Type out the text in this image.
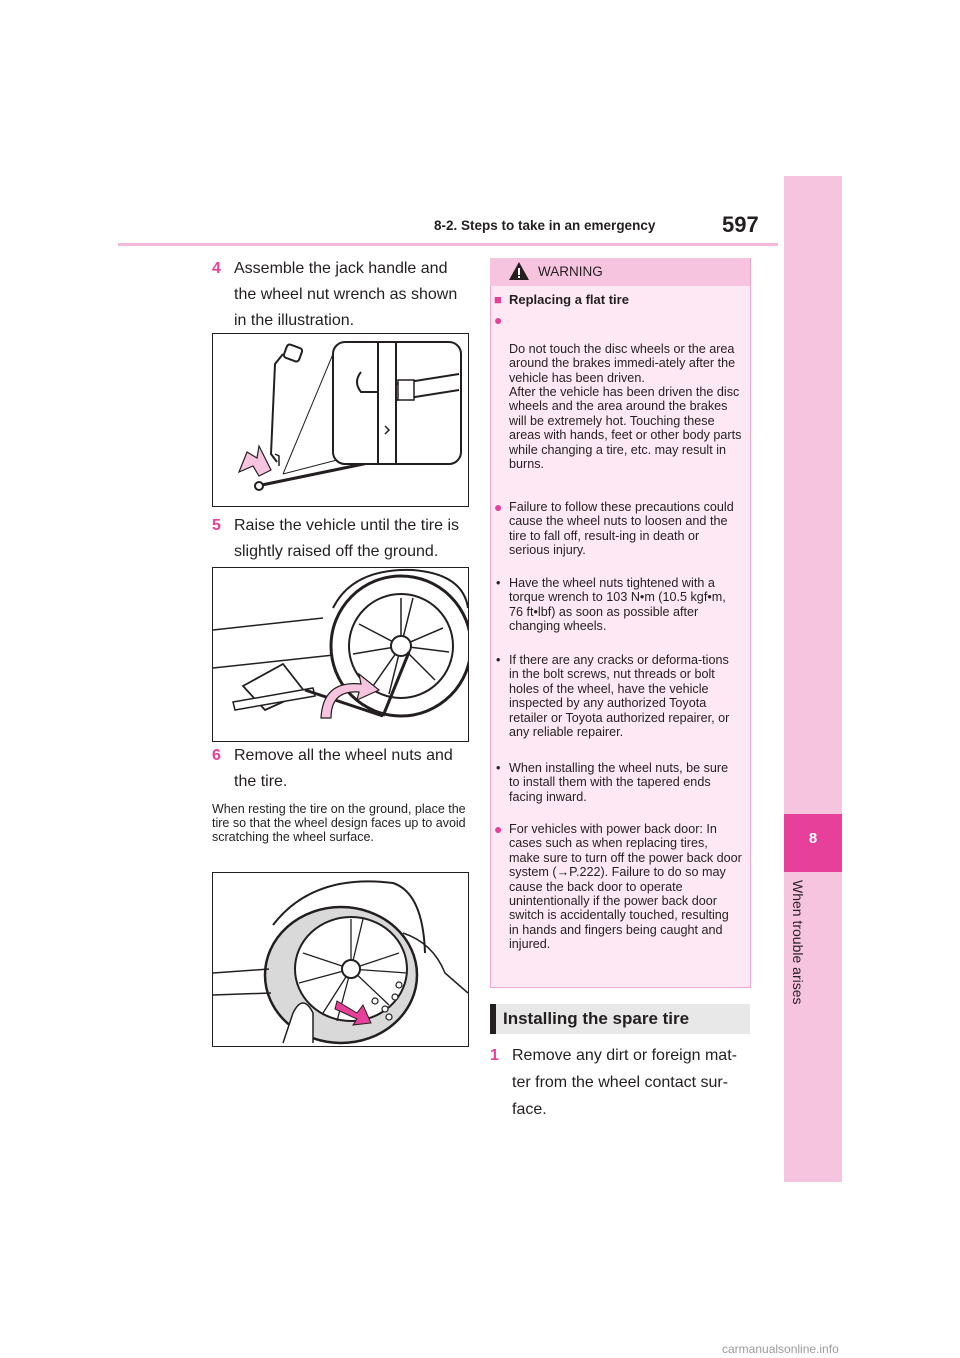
8-2. Steps to take in an emergency	597
8
When trouble arises
4 Assemble the jack handle and the wheel nut wrench as shown in the illustration.
5 Raise the vehicle until the tire is slightly raised off the ground.
6 Remove all the wheel nuts and the tire.
When resting the tire on the ground, place the tire so that the wheel design faces up to avoid scratching the wheel surface.
WARNING
■ Replacing a flat tire

●

Do not touch the disc wheels or the area around the brakes immedi-ately after the vehicle has been driven.
After the vehicle has been driven the disc wheels and the area around the brakes will be extremely hot. Touching these areas with hands, feet or other body parts while changing a tire, etc. may result in burns.

● Failure to follow these precautions could cause the wheel nuts to loosen and the tire to fall off, result-ing in death or serious injury.
• Have the wheel nuts tightened with a torque wrench to 103 N•m (10.5 kgf•m, 76 ft•lbf) as soon as possible after changing wheels.
• If there are any cracks or deforma-tions in the bolt screws, nut threads or bolt holes of the wheel, have the vehicle inspected by any authorized Toyota retailer or Toyota authorized repairer, or any reliable repairer.
• When installing the wheel nuts, be sure to install them with the tapered ends facing inward.
● For vehicles with power back door: In cases such as when replacing tires, make sure to turn off the power back door system (→P.222). Failure to do so may cause the back door to operate unintentionally if the power back door switch is accidentally touched, resulting in hands and fingers being caught and injured.
Installing the spare tire
1 Remove any dirt or foreign mat-ter from the wheel contact sur-face.
carmanualsonline.info
